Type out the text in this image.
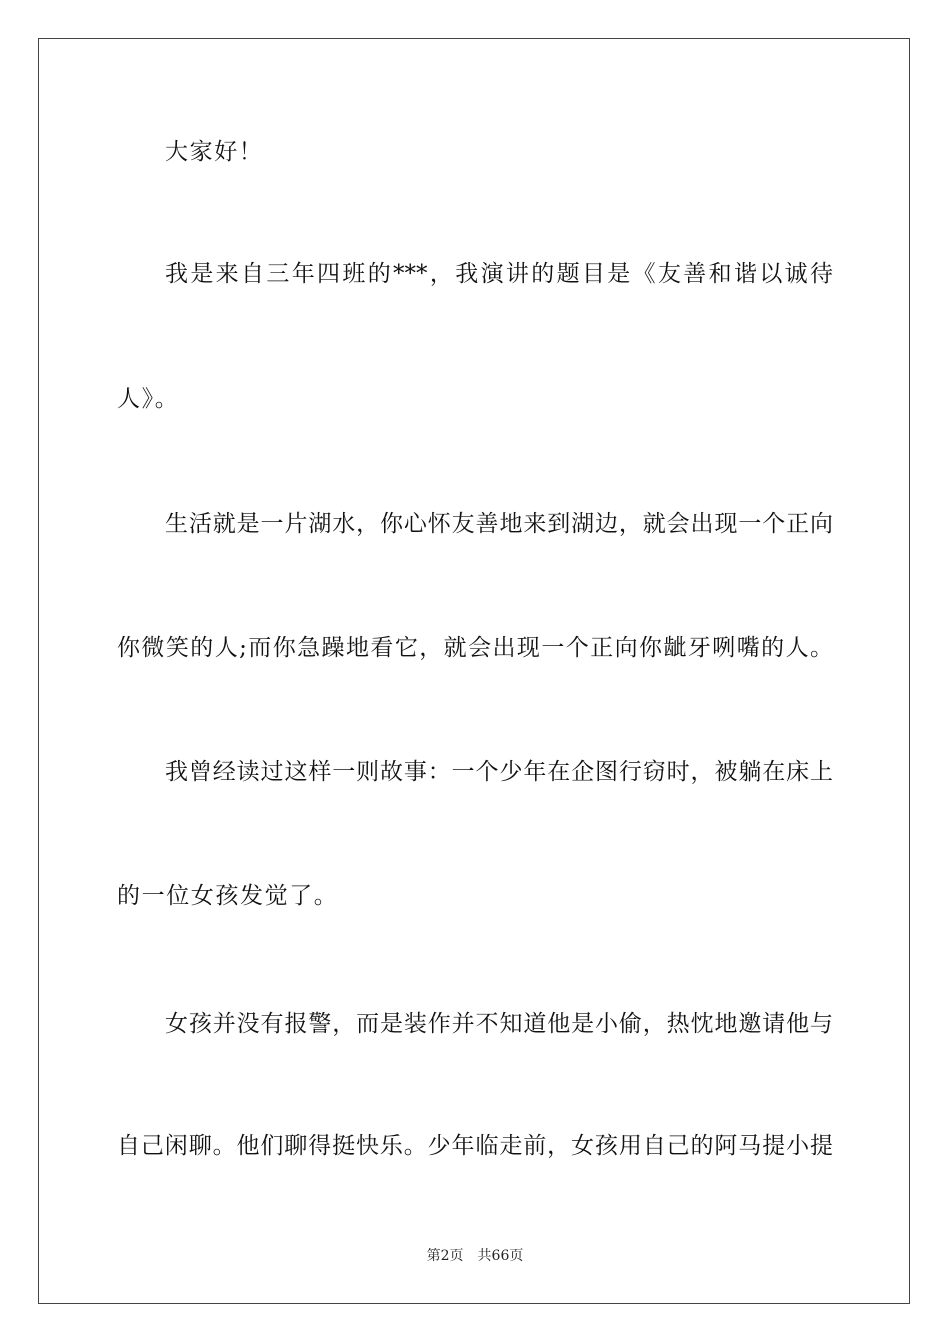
大家好！
我是来自三年四班的***，我演讲的题目是《友善和谐以诚待
人》。
生活就是一片湖水，你心怀友善地来到湖边，就会出现一个正向
你微笑的人;而你急躁地看它，就会出现一个正向你龇牙咧嘴的人。
我曾经读过这样一则故事：一个少年在企图行窃时，被躺在床上
的一位女孩发觉了。
女孩并没有报警，而是装作并不知道他是小偷，热忱地邀请他与
自己闲聊。他们聊得挺快乐。少年临走前，女孩用自己的阿马提小提
第2页 共66页
